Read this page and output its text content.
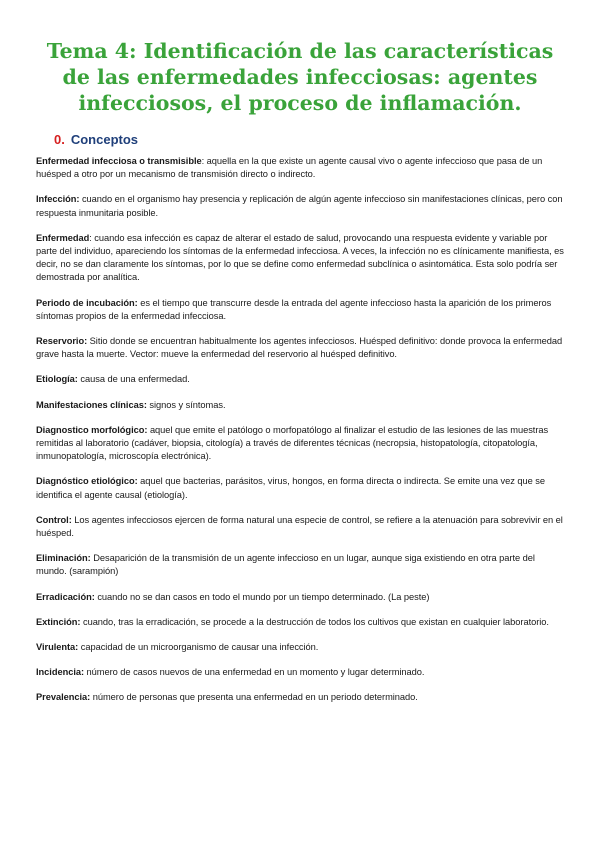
Tema 4: Identificación de las características de las enfermedades infecciosas: agentes infecciosos, el proceso de inflamación.
0. Conceptos

Enfermedad infecciosa o transmisible: aquella en la que existe un agente causal vivo o agente infeccioso que pasa de un huésped a otro por un mecanismo de transmisión directo o indirecto.

Infección: cuando en el organismo hay presencia y replicación de algún agente infeccioso sin manifestaciones clínicas, pero con respuesta inmunitaria posible.

Enfermedad: cuando esa infección es capaz de alterar el estado de salud, provocando una respuesta evidente y variable por parte del individuo, apareciendo los síntomas de la enfermedad infecciosa. A veces, la infección no es clínicamente manifiesta, es decir, no se dan claramente los síntomas, por lo que se define como enfermedad subclínica o asintomática. Esta solo podría ser demostrada por analítica.

Periodo de incubación: es el tiempo que transcurre desde la entrada del agente infeccioso hasta la aparición de los primeros síntomas propios de la enfermedad infecciosa.

Reservorio: Sitio donde se encuentran habitualmente los agentes infecciosos. Huésped definitivo: donde provoca la enfermedad grave hasta la muerte. Vector: mueve la enfermedad del reservorio al huésped definitivo.

Etiología: causa de una enfermedad.

Manifestaciones clínicas: signos y síntomas.

Diagnostico morfológico: aquel que emite el patólogo o morfopatólogo al finalizar el estudio de las lesiones de las muestras remitidas al laboratorio (cadáver, biopsia, citología) a través de diferentes técnicas (necropsia, histopatología, citopatología, inmunopatología, microscopía electrónica).

Diagnóstico etiológico: aquel que bacterias, parásitos, virus, hongos, en forma directa o indirecta. Se emite una vez que se identifica el agente causal (etiología).

Control: Los agentes infecciosos ejercen de forma natural una especie de control, se refiere a la atenuación para sobrevivir en el huésped.

Eliminación: Desaparición de la transmisión de un agente infeccioso en un lugar, aunque siga existiendo en otra parte del mundo. (sarampión)

Erradicación: cuando no se dan casos en todo el mundo por un tiempo determinado. (La peste)

Extinción: cuando, tras la erradicación, se procede a la destrucción de todos los cultivos que existan en cualquier laboratorio.

Virulenta: capacidad de un microorganismo de causar una infección.

Incidencia: número de casos nuevos de una enfermedad en un momento y lugar determinado.

Prevalencia: número de personas que presenta una enfermedad en un periodo determinado.
